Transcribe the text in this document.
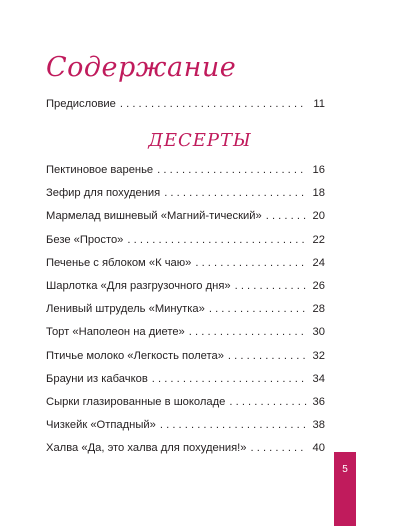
Содержание
Предисловие . . .	11
ДЕСЕРТЫ
Пектиновое варенье . . .	16
Зефир для похудения . . .	18
Мармелад вишневый «Магний-тический» . . .	20
Безе «Просто» . . .	22
Печенье с яблоком «К чаю» . . .	24
Шарлотка «Для разгрузочного дня» . . .	26
Ленивый штрудель «Минутка» . . .	28
Торт «Наполеон на диете» . . .	30
Птичье молоко «Легкость полета» . . .	32
Брауни из кабачков . . .	34
Сырки глазированные в шоколаде . . .	36
Чизкейк «Отпадный» . . .	38
Халва «Да, это халва для похудения!» . . .	40
5
